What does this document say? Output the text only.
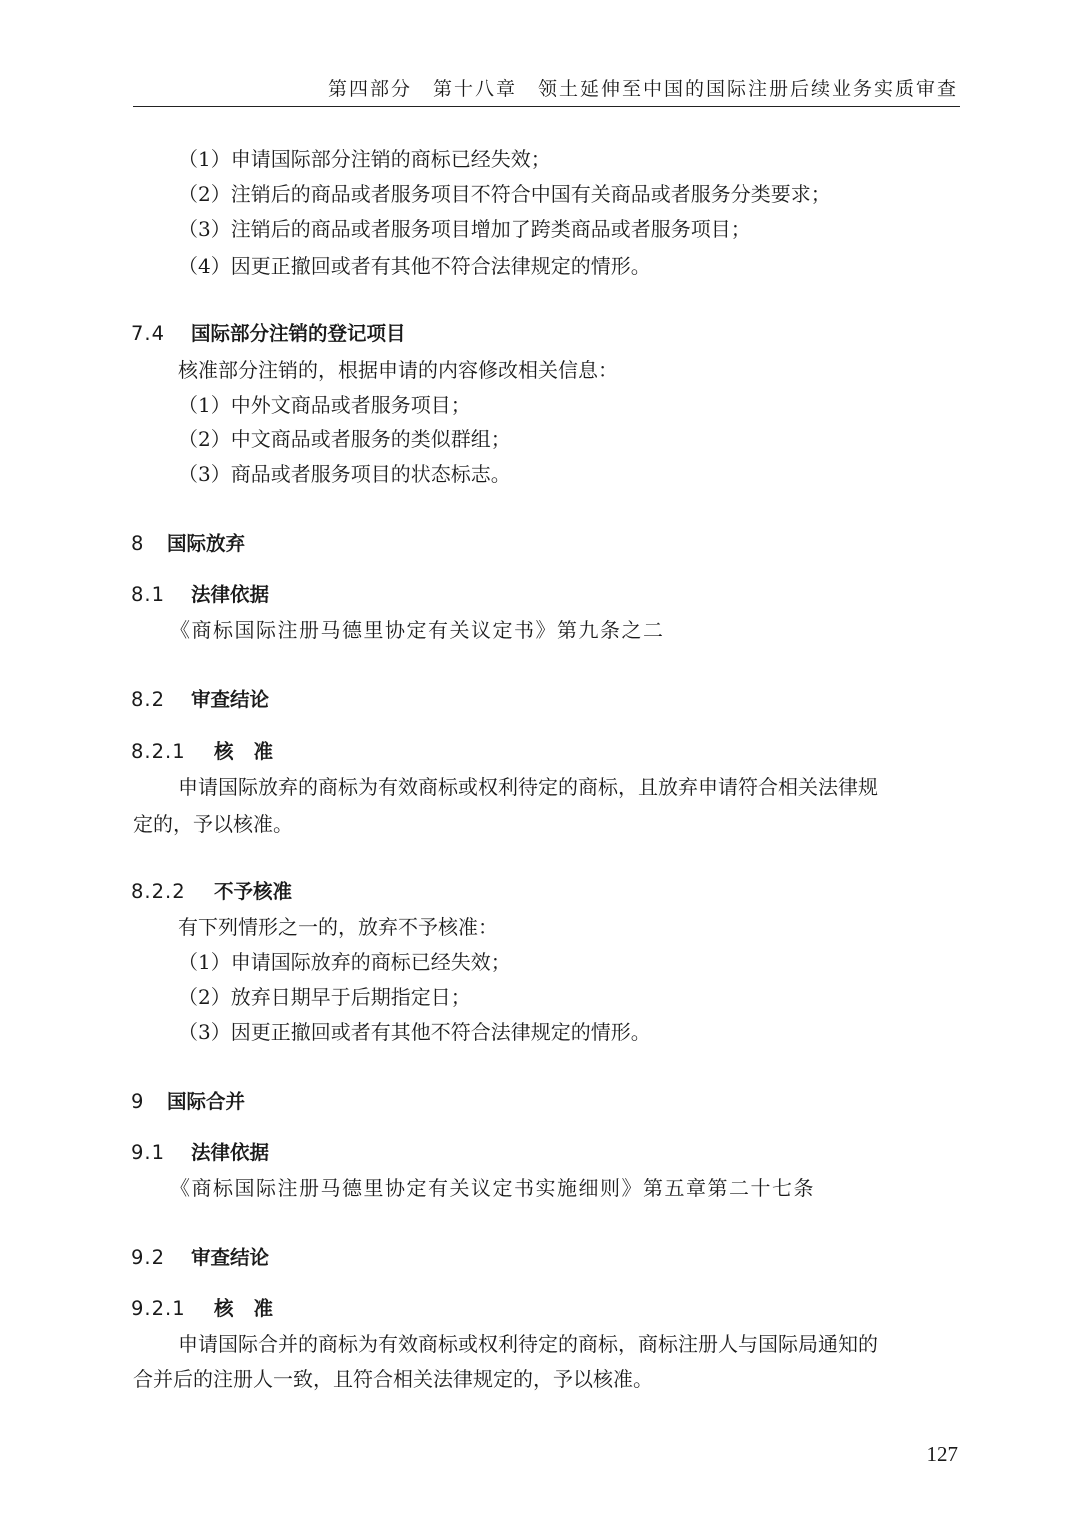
第四部分　第十八章　领土延伸至中国的国际注册后续业务实质审查
（1）申请国际部分注销的商标已经失效；
（2）注销后的商品或者服务项目不符合中国有关商品或者服务分类要求；
（3）注销后的商品或者服务项目增加了跨类商品或者服务项目；
（4）因更正撤回或者有其他不符合法律规定的情形。
7.4 国际部分注销的登记项目
核准部分注销的，根据申请的内容修改相关信息：
（1）中外文商品或者服务项目；
（2）中文商品或者服务的类似群组；
（3）商品或者服务项目的状态标志。
8 国际放弃
8.1 法律依据
《商标国际注册马德里协定有关议定书》第九条之二
8.2 审查结论
8.2.1 核准
申请国际放弃的商标为有效商标或权利待定的商标，且放弃申请符合相关法律规
定的，予以核准。
8.2.2 不予核准
有下列情形之一的，放弃不予核准：
（1）申请国际放弃的商标已经失效；
（2）放弃日期早于后期指定日；
（3）因更正撤回或者有其他不符合法律规定的情形。
9 国际合并
9.1 法律依据
《商标国际注册马德里协定有关议定书实施细则》第五章第二十七条
9.2 审查结论
9.2.1 核准
申请国际合并的商标为有效商标或权利待定的商标，商标注册人与国际局通知的
合并后的注册人一致，且符合相关法律规定的，予以核准。
127
